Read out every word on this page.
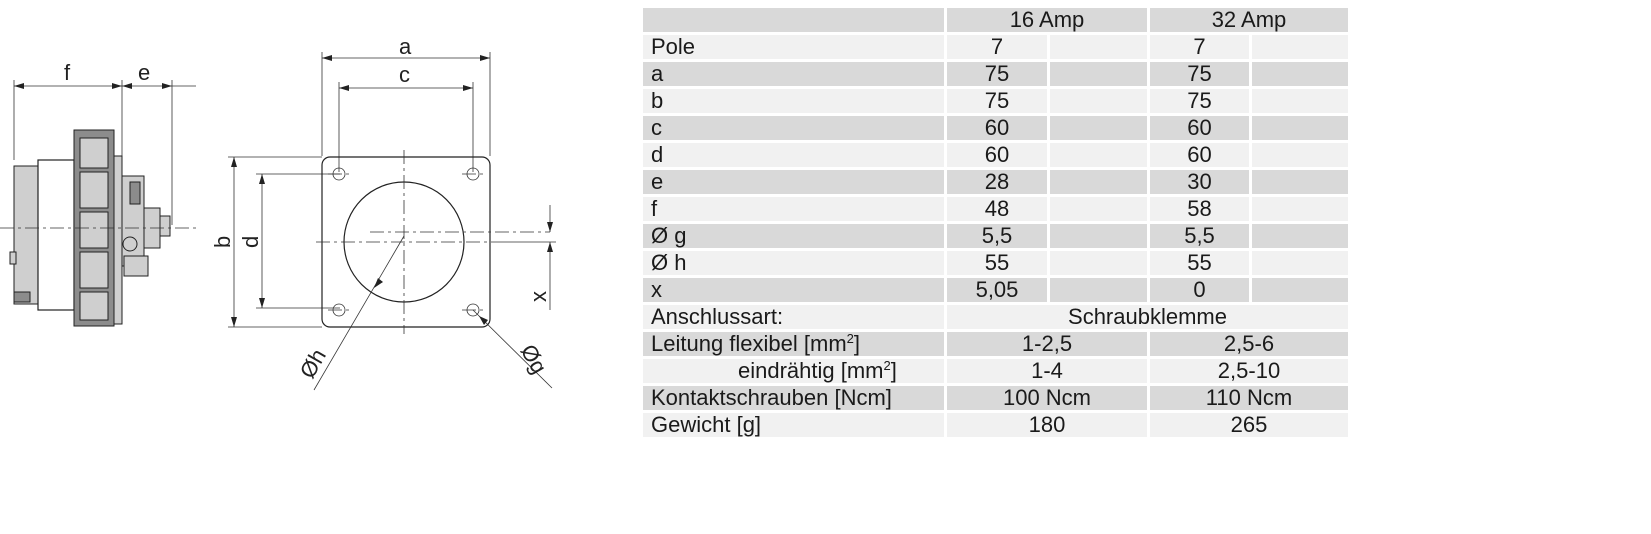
f	e
a
c
b d
x
Øh	Øg
	16 Amp		32 Amp	
Pole	7		7	
a	75		75	
b	75		75	
c	60		60	
d	60		60	
e	28		30	
f	48		58	
Ø g	5,5		5,5	
Ø h	55		55	
x	5,05		0	
Anschlussart:	Schraubklemme			
Leitung flexibel $[mm^2]$	1-2,5		2,5-6	
eindrähtig $[mm^2]$	1-4		2,5-10	
Kontaktschrauben [Ncm]	100 Ncm		110 Ncm	
Gewicht [g]	180		265	
